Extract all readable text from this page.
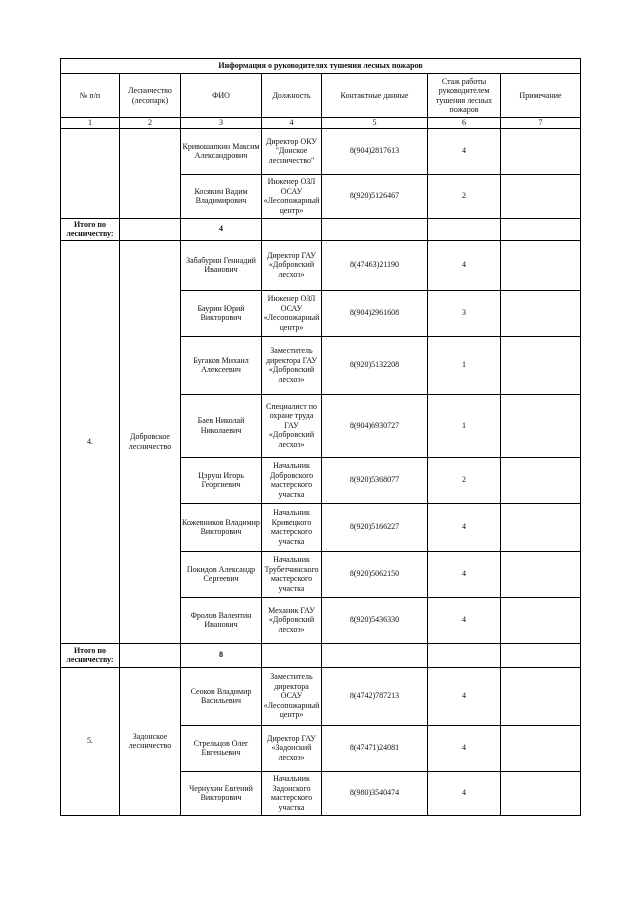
Информация о руководителях тушения лесных пожаров						
№ п/п	Лесничество (лесопарк)	ФИО	Должность	Контактные данные	Стаж работы руководителем тушения лесных пожаров	Примечание
1	2	3	4	5	6	7
		Кривошапкин Максим Александрович	Директор ОКУ "Донское лесничество"	8(904)2817613	4	
		Косякин Вадим Владимирович	Инженер ОЗЛ ОСАУ «Лесопожарный центр»	8(920)5126467	2	
Итого по лесничеству:		4				
4.	Добровское лесничество	Забабурин Геннадий Иванович	Директор ГАУ «Добровский лесхоз»	8(47463)21190	4	
		Баурин Юрий Викторович	Инженер ОЗЛ ОСАУ «Лесопожарный центр»	8(904)2961608	3	
		Бугаков Михаил Алексеевич	Заместитель директора ГАУ «Добровский лесхоз»	8(920)5132208	1	
		Баев Николай Николаевич	Специалист по охране труда ГАУ «Добровский лесхоз»	8(904)6930727	1	
		Цэруш Игорь Георгиевич	Начальник Добровского мастерского участка	8(920)5368077	2	
		Кожевников Владимир Викторович	Начальник Кривецкого мастерского участка	8(920)5166227	4	
		Покидов Александр Сергеевич	Начальник Трубетчинского мастерского участка	8(920)5062150	4	
		Фролов Валентин Иванович	Механик ГАУ «Добровский лесхоз»	8(920)5436330	4	
Итого по лесничеству:		8				
5.	Задонское лесничество	Сеоков Владимир Васильевич	Заместитель директора ОСАУ «Лесопожарный центр»	8(4742)787213	4	
		Стрельцов Олег Евгеньевич	Директор ГАУ «Задонский лесхоз»	8(47471)24081	4	
		Чернухин Евгений Викторович	Начальник Задонского мастерского участка	8(980)3540474	4	
